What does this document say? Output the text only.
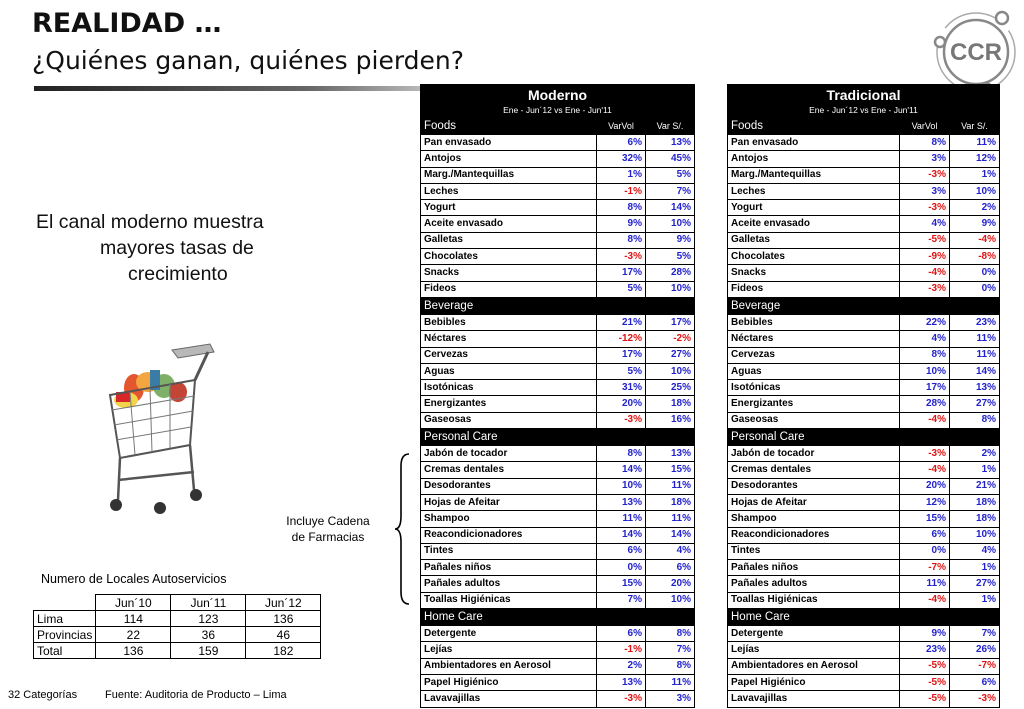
REALIDAD …
¿Quiénes ganan, quiénes pierden?	CCR
El canal moderno muestra
mayores tasas de
crecimiento
Incluye Cadena
de Farmacias
Numero de Locales Autoservicios
	Jun´10	Jun´11	Jun´12
Lima	114	123	136
Provincias	22	36	46
Total	136	159	182
32 Categorías	Fuente: Auditoria de Producto – Lima
Moderno		
Ene - Jun´12 vs Ene - Jun'11		
Foods	VarVol	Var S/.
Pan envasado	6%	13%
Antojos	32%	45%
Marg./Mantequillas	1%	5%
Leches	-1%	7%
Yogurt	8%	14%
Aceite envasado	9%	10%
Galletas	8%	9%
Chocolates	-3%	5%
Snacks	17%	28%
Fideos	5%	10%
Beverage		
Bebibles	21%	17%
Néctares	-12%	-2%
Cervezas	17%	27%
Aguas	5%	10%
Isotónicas	31%	25%
Energizantes	20%	18%
Gaseosas	-3%	16%
Personal Care		
Jabón de tocador	8%	13%
Cremas dentales	14%	15%
Desodorantes	10%	11%
Hojas de Afeitar	13%	18%
Shampoo	11%	11%
Reacondicionadores	14%	14%
Tintes	6%	4%
Pañales niños	0%	6%
Pañales adultos	15%	20%
Toallas Higiénicas	7%	10%
Home Care		
Detergente	6%	8%
Lejías	-1%	7%
Ambientadores en Aerosol	2%	8%
Papel Higiénico	13%	11%
Lavavajillas	-3%	3%
Tradicional		
Ene - Jun´12 vs Ene - Jun'11		
Foods	VarVol	Var S/.
Pan envasado	8%	11%
Antojos	3%	12%
Marg./Mantequillas	-3%	1%
Leches	3%	10%
Yogurt	-3%	2%
Aceite envasado	4%	9%
Galletas	-5%	-4%
Chocolates	-9%	-8%
Snacks	-4%	0%
Fideos	-3%	0%
Beverage		
Bebibles	22%	23%
Néctares	4%	11%
Cervezas	8%	11%
Aguas	10%	14%
Isotónicas	17%	13%
Energizantes	28%	27%
Gaseosas	-4%	8%
Personal Care		
Jabón de tocador	-3%	2%
Cremas dentales	-4%	1%
Desodorantes	20%	21%
Hojas de Afeitar	12%	18%
Shampoo	15%	18%
Reacondicionadores	6%	10%
Tintes	0%	4%
Pañales niños	-7%	1%
Pañales adultos	11%	27%
Toallas Higiénicas	-4%	1%
Home Care		
Detergente	9%	7%
Lejías	23%	26%
Ambientadores en Aerosol	-5%	-7%
Papel Higiénico	-5%	6%
Lavavajillas	-5%	-3%
